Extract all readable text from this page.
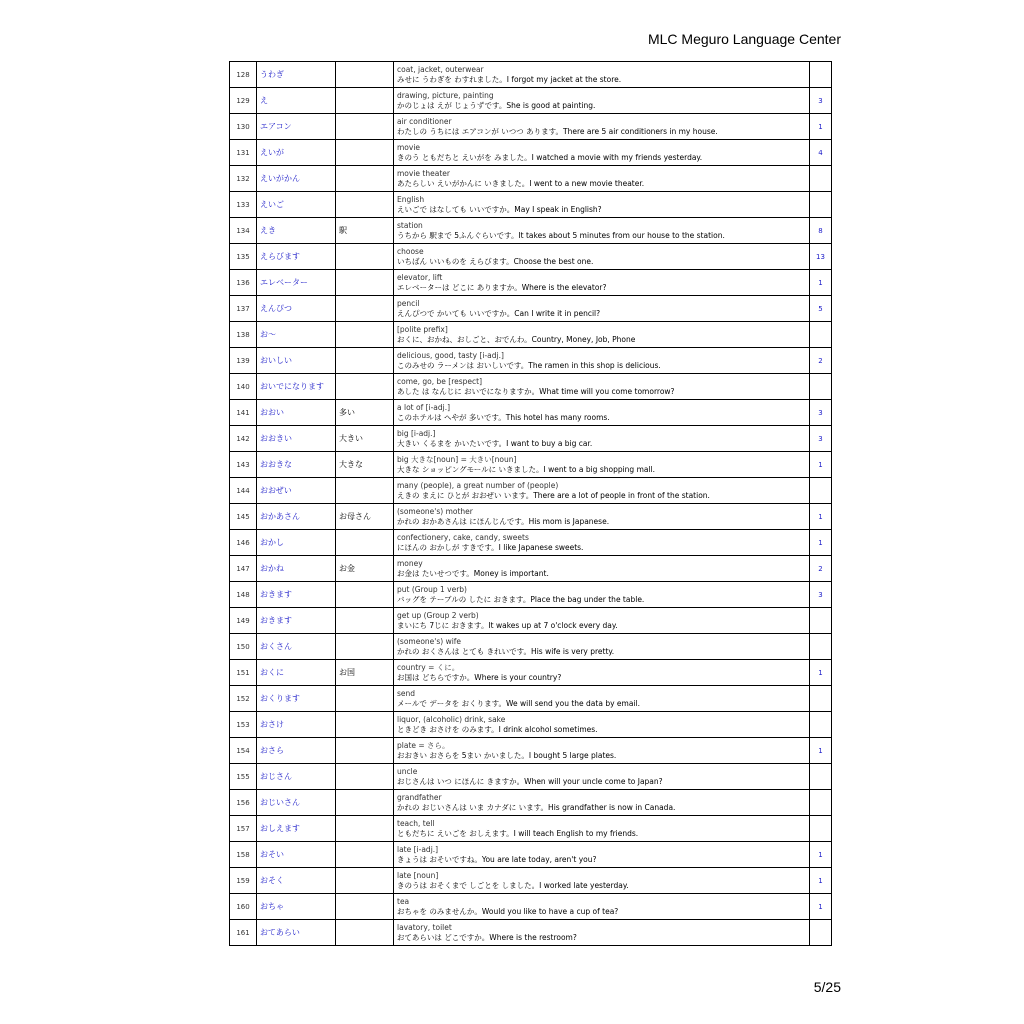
MLC Meguro Language Center
128	うわぎ		coat, jacket, outerwear
みせに うわぎを わすれました。I forgot my jacket at the store.	

129	え		drawing, picture, painting
かのじょは えが じょうずです。She is good at painting.	3
130	エアコン		air conditioner
わたしの うちには エアコンが いつつ あります。There are 5 air conditioners in my house.	1
131	えいが		movie
きのう ともだちと えいがを みました。I watched a movie with my friends yesterday.	4
132	えいがかん		movie theater
あたらしい えいがかんに いきました。I went to a new movie theater.	

133	えいご		English
えいごで はなしても いいですか。May I speak in English?	

134	えき	駅	station
うちから 駅まで 5ふんぐらいです。It takes about 5 minutes from our house to the station.	8
135	えらびます		choose
いちばん いいものを えらびます。Choose the best one.	13
136	エレベーター		elevator, lift
エレベーターは どこに ありますか。Where is the elevator?	1
137	えんぴつ		pencil
えんぴつで かいても いいですか。Can I write it in pencil?	5
138	お～		[polite prefix]
おくに、おかね、おしごと、おでんわ。Country, Money, Job, Phone	

139	おいしい		delicious, good, tasty [i-adj.]
このみせの ラーメンは おいしいです。The ramen in this shop is delicious.	2
140	おいでになります		come, go, be [respect]
あした は なんじに おいでになりますか。What time will you come tomorrow?	

141	おおい	多い	a lot of [i-adj.]
このホテルは へやが 多いです。This hotel has many rooms.	3
142	おおきい	大きい	big [i-adj.]
大きい くるまを かいたいです。I want to buy a big car.	3
143	おおきな	大きな	big 大きな[noun] = 大きい[noun]
大きな ショッピングモールに いきました。I went to a big shopping mall.	1
144	おおぜい		many (people), a great number of (people)
えきの まえに ひとが おおぜい います。There are a lot of people in front of the station.	

145	おかあさん	お母さん	(someone's) mother
かれの おかあさんは にほんじんです。His mom is Japanese.	1
146	おかし		confectionery, cake, candy, sweets
にほんの おかしが すきです。I like Japanese sweets.	1
147	おかね	お金	money
お金は たいせつです。Money is important.	2
148	おきます		put (Group 1 verb)
バッグを テーブルの したに おきます。Place the bag under the table.	3
149	おきます		get up (Group 2 verb)
まいにち 7じに おきます。It wakes up at 7 o'clock every day.	

150	おくさん		(someone's) wife
かれの おくさんは とても きれいです。His wife is very pretty.	

151	おくに	お国	country = くに。
お国は どちらですか。Where is your country?	1
152	おくります		send
メールで データを おくります。We will send you the data by email.	

153	おさけ		liquor, (alcoholic) drink, sake
ときどき おさけを のみます。I drink alcohol sometimes.	

154	おさら		plate = さら。
おおきい おさらを 5まい かいました。I bought 5 large plates.	1
155	おじさん		uncle
おじさんは いつ にほんに きますか。When will your uncle come to Japan?	

156	おじいさん		grandfather
かれの おじいさんは いま カナダに います。His grandfather is now in Canada.	

157	おしえます		teach, tell
ともだちに えいごを おしえます。I will teach English to my friends.	

158	おそい		late [i-adj.]
きょうは おそいですね。You are late today, aren't you?	1
159	おそく		late [noun]
きのうは おそくまで しごとを しました。I worked late yesterday.	1
160	おちゃ		tea
おちゃを のみませんか。Would you like to have a cup of tea?	1
161	おてあらい		lavatory, toilet
おてあらいは どこですか。Where is the restroom?	

5/25
